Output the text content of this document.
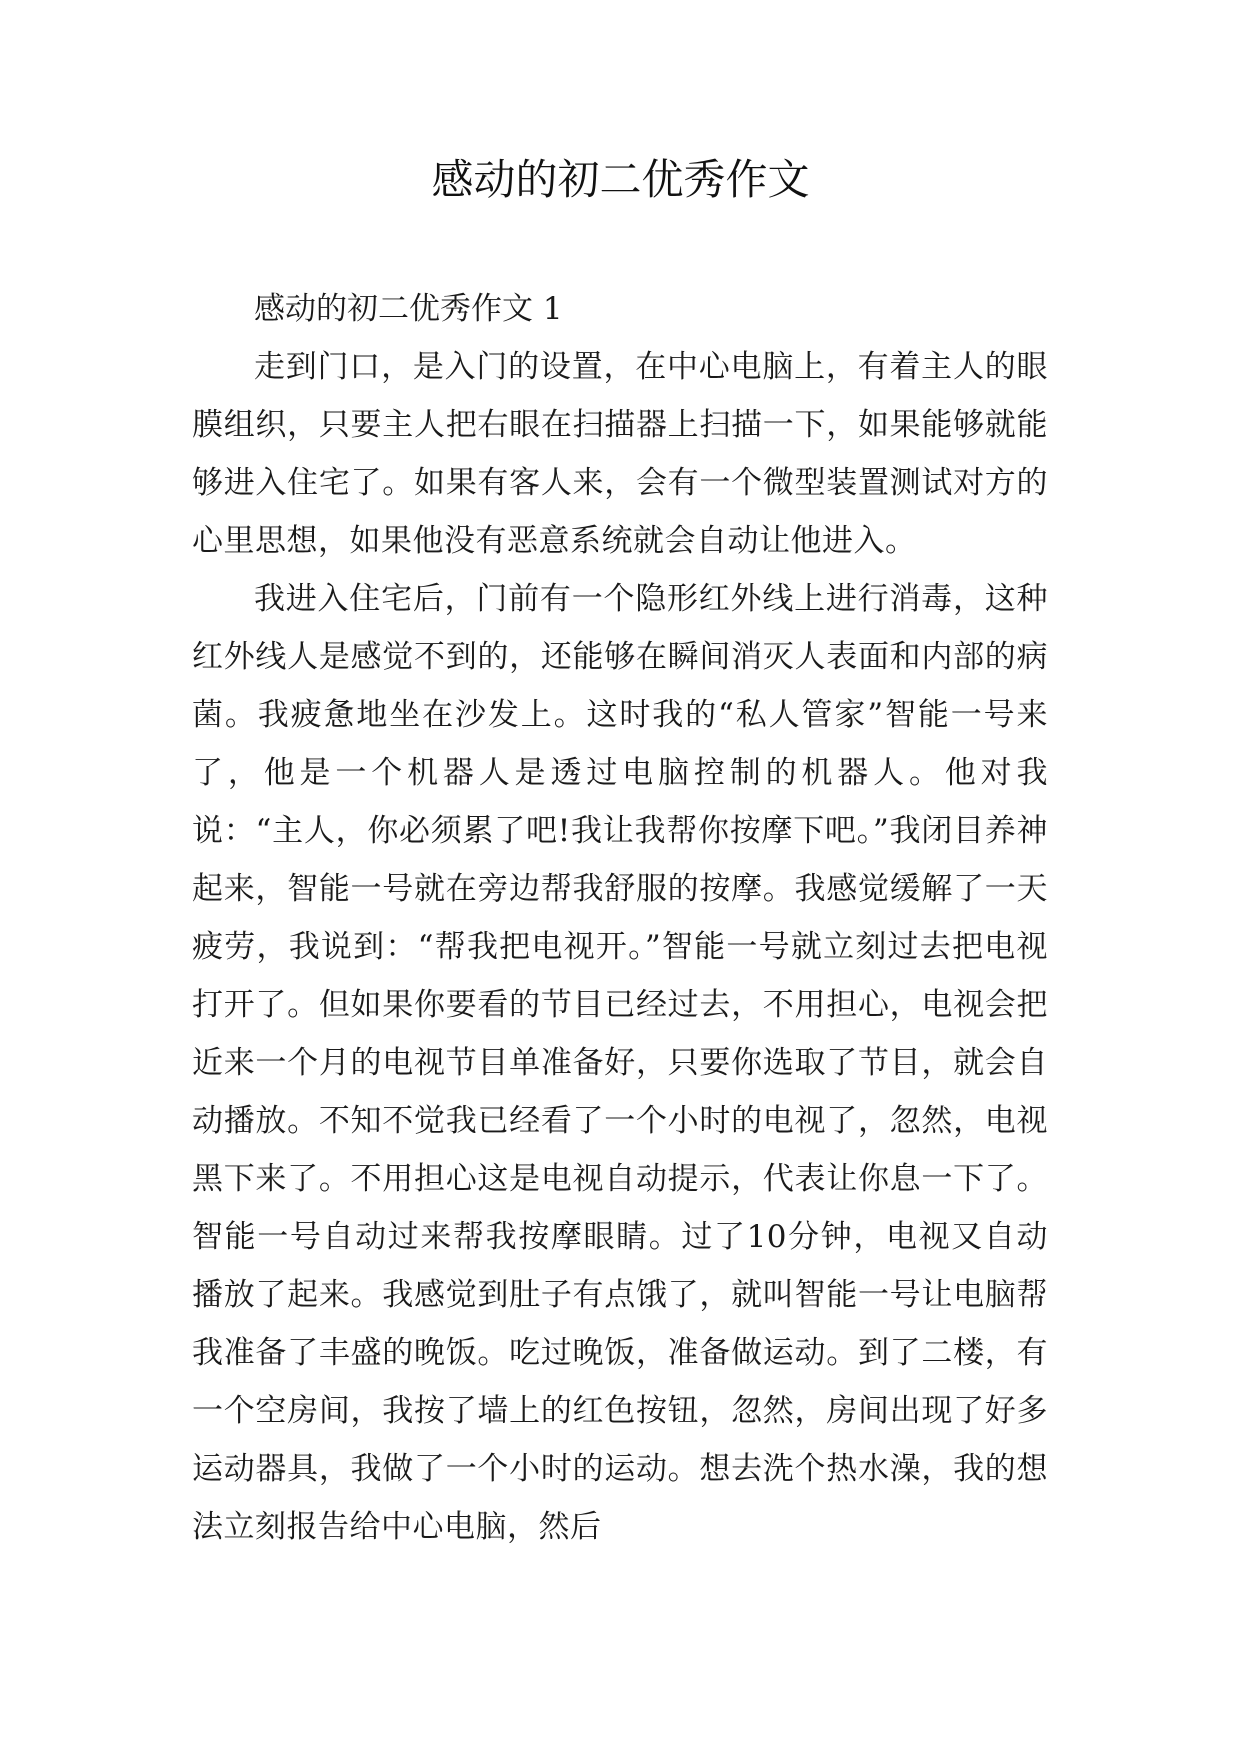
感动的初二优秀作文

感动的初二优秀作文 1

走到门口，是入门的设置，在中心电脑上，有着主人的眼膜组织，只要主人把右眼在扫描器上扫描一下，如果能够就能够进入住宅了。如果有客人来，会有一个微型装置测试对方的心里思想，如果他没有恶意系统就会自动让他进入。

我进入住宅后，门前有一个隐形红外线上进行消毒，这种红外线人是感觉不到的，还能够在瞬间消灭人表面和内部的病菌。我疲惫地坐在沙发上。这时我的“私人管家”智能一号来了，他是一个机器人是透过电脑控制的机器人。他对我说：“主人，你必须累了吧!我让我帮你按摩下吧。”我闭目养神起来，智能一号就在旁边帮我舒服的按摩。我感觉缓解了一天疲劳，我说到：“帮我把电视开。”智能一号就立刻过去把电视打开了。但如果你要看的节目已经过去，不用担心，电视会把近来一个月的电视节目单准备好，只要你选取了节目，就会自动播放。不知不觉我已经看了一个小时的电视了，忽然，电视黑下来了。不用担心这是电视自动提示，代表让你息一下了。智能一号自动过来帮我按摩眼睛。过了10分钟，电视又自动播放了起来。我感觉到肚子有点饿了，就叫智能一号让电脑帮我准备了丰盛的晚饭。吃过晚饭，准备做运动。到了二楼，有一个空房间，我按了墙上的红色按钮，忽然，房间出现了好多运动器具，我做了一个小时的运动。想去洗个热水澡，我的想法立刻报告给中心电脑，然后
